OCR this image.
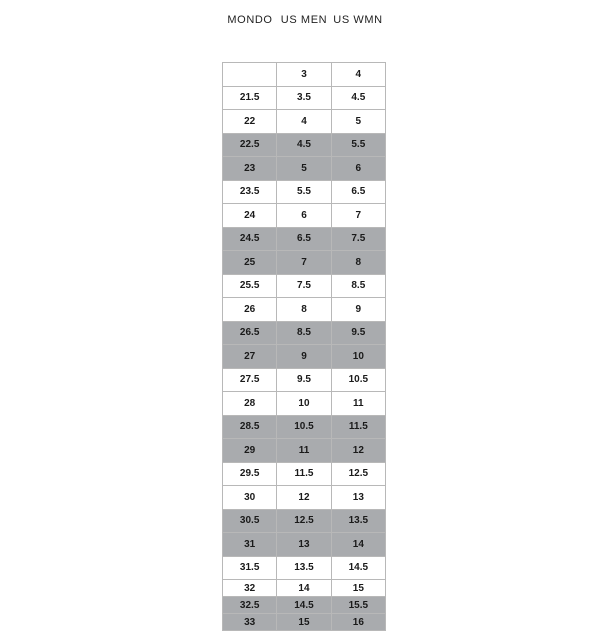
MONDO US MEN US WMN
	3	4
21.5	3.5	4.5
22	4	5
22.5	4.5	5.5
23	5	6
23.5	5.5	6.5
24	6	7
24.5	6.5	7.5
25	7	8
25.5	7.5	8.5
26	8	9
26.5	8.5	9.5
27	9	10
27.5	9.5	10.5
28	10	11
28.5	10.5	11.5
29	11	12
29.5	11.5	12.5
30	12	13
30.5	12.5	13.5
31	13	14
31.5	13.5	14.5
32	14	15
32.5	14.5	15.5
33	15	16
